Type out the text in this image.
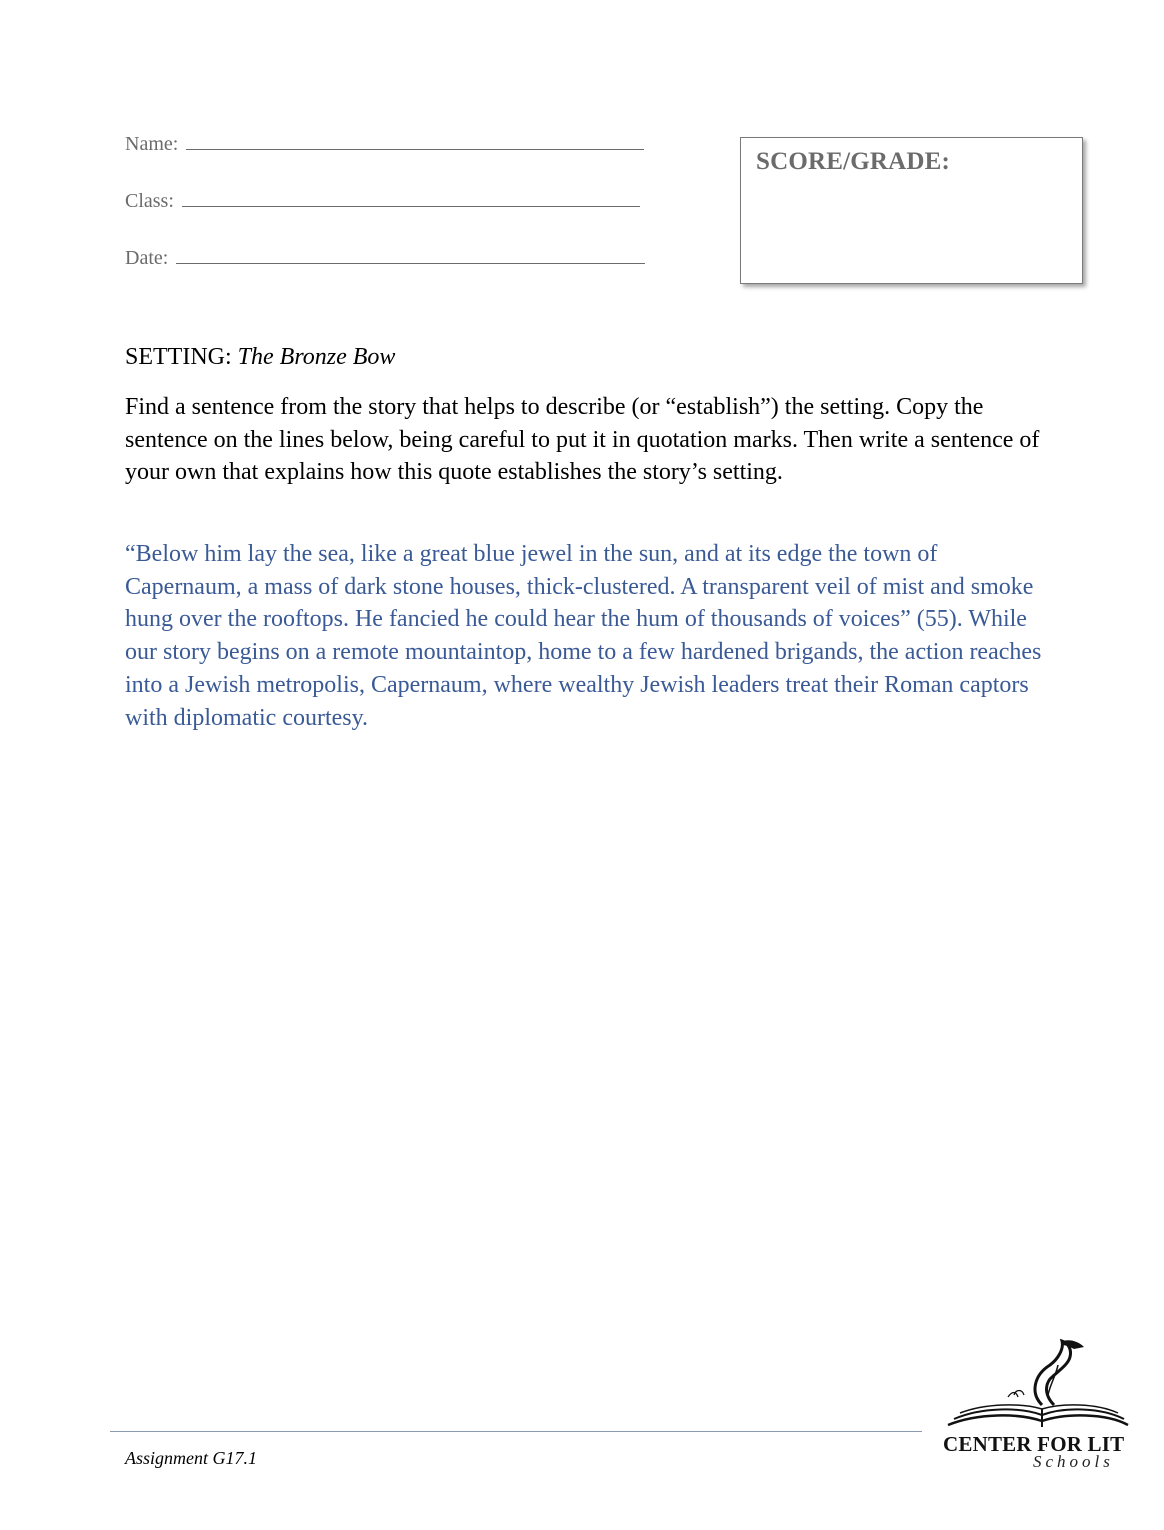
Name:
Class:
Date:
SCORE/GRADE:
SETTING: The Bronze Bow
Find a sentence from the story that helps to describe (or “establish”) the setting. Copy the sentence on the lines below, being careful to put it in quotation marks. Then write a sentence of your own that explains how this quote establishes the story’s setting.
“Below him lay the sea, like a great blue jewel in the sun, and at its edge the town of Capernaum, a mass of dark stone houses, thick-clustered. A transparent veil of mist and smoke hung over the rooftops. He fancied he could hear the hum of thousands of voices” (55). While our story begins on a remote mountaintop, home to a few hardened brigands, the action reaches into a Jewish metropolis, Capernaum, where wealthy Jewish leaders treat their Roman captors with diplomatic courtesy.
Assignment G17.1
CENTER FOR LIT
Schools
